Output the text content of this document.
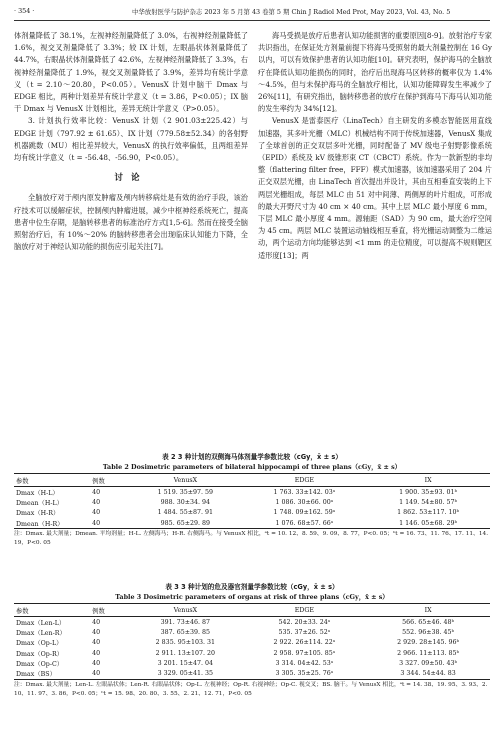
· 354 ·	中华放射医学与防护杂志 2023 年 5 月第 43 卷第 5 期 Chin J Radiol Med Prot, May 2023, Vol. 43, No. 5

体剂量降低了 38.1%，左视神经剂量降低了 3.0%，右视神经剂量降低了 1.6%，视交叉剂量降低了 3.3%；较 IX 计划，左眼晶状体剂量降低了 44.7%，右眼晶状体剂量降低了 42.6%，左视神经剂量降低了 3.3%，右视神经剂量降低了 1.9%，视交叉剂量降低了 3.9%，差异均有统计学意义（t = 2.10～20.80，P<0.05）。VenusX 计划中脑干 Dmax 与 EDGE 相比，两种计划差异有统计学意义（t = 3.86，P<0.05）；IX 脑干 Dmax 与 VenusX 计划相比，差异无统计学意义（P>0.05）。

3. 计划执行效率比较：VenusX 计划（2 901.03±225.42）与 EDGE 计划（797.92 ± 61.65）、IX 计划（779.58±52.34）的各射野机器跳数（MU）相比差异较大，VenusX 的执行效率偏低，且两组差异均有统计学意义（t = -56.48、-56.90，P<0.05）。

讨论

全脑放疗对于颅内原发肿瘤及颅内转移病灶是有效的治疗手段，该治疗技术可以缓解症状，控制颅内肿瘤进展，减少中枢神经系统死亡，提高患者中位生存期，是脑转移患者的标准治疗方式[1,5-6]。然而在接受全脑照射治疗后，有 10%～20% 的脑转移患者会出现临床认知能力下降，全脑放疗对于神经认知功能的损伤应引起关注[7]。

海马受损是放疗后患者认知功能损害的重要原因[8-9]。放射治疗专家共识指出，在保证处方剂量前提下将海马受照射的最大剂量控制在 16 Gy 以内，可以有效保护患者的认知功能[10]。研究表明，保护海马的全脑放疗在降低认知功能损伤的同时，治疗后出现海马区转移的概率仅为 1.4%～4.5%，但与未保护海马的全脑放疗相比，认知功能障碍发生率减少了 26%[11]，有研究指出，脑转移患者的放疗在保护到海马下海马认知功能的发生率约为 34%[12]。

VenusX 是雷泰医疗（LinaTech）自主研发的多模态智能医用直线加速器，其多叶光栅（MLC）机械结构不同于传统加速器，VenusX 集成了全球首创的正交双层多叶光栅，同时配备了 MV 级电子射野影像系统（EPID）系统及 kV 级锥形束 CT（CBCT）系统。作为一款新型的非均整（flattering filter free，FFF）模式加速器，该加速器采用了 204 片正交双层光栅，由 LinaTech 首次提出并设计，其由互相垂直安装的上下两层光栅组成，每层 MLC 由 51 对中间薄、两侧厚的叶片组成，可形成的最大开野尺寸为 40 cm × 40 cm。其中上层 MLC 最小厚度 6 mm，下层 MLC 最小厚度 4 mm。源轴距（SAD）为 90 cm，最大治疗空间为 45 cm。两层 MLC 装置运动轴线相互垂直，将光栅运动调整为二维运动，两个运动方向均能够达到 <1 mm 的走位精度，可以提高不规则靶区适形度[13]；两

表 2 3 种计划的双侧海马体剂量学参数比较（cGy，x̄ ± s）
Table 2 Dosimetric parameters of bilateral hippocampi of three plans（cGy，x̄ ± s）
参数	例数	VenusX	EDGE	IX
Dmax（H-L）	40	1 519. 35±97. 59	1 763. 33±142. 03ᵃ	1 900. 35±93. 01ᵇ
Dmean（H-L）	40	988. 30±34. 94	1 086. 30±66. 00ᵃ	1 149. 54±80. 57ᵇ
Dmax（H-R）	40	1 484. 55±87. 91	1 748. 09±162. 59ᵃ	1 862. 53±117. 10ᵇ
Dmean（H-R）	40	985. 65±29. 89	1 076. 68±57. 66ᵃ	1 146. 05±68. 29ᵇ
注：Dmax. 最大剂量；Dmean. 平均剂量；H-L. 左侧海马；H-R. 右侧海马。与 VenusX 相比，ᵃt = 10. 12、8. 59、9. 09、8. 77，P<0. 05；ᵇt = 16. 73、11. 76、17. 11、14. 19，P<0. 05
表 3 3 种计划的危及器官剂量学参数比较（cGy，x̄ ± s）
Table 3 Dosimetric parameters of organs at risk of three plans（cGy，x̄ ± s）
参数	例数	VenusX	EDGE	IX
Dmax（Len-L）	40	391. 73±46. 87	542. 20±33. 24ᵃ	566. 65±46. 48ᵇ
Dmax（Len-R）	40	387. 65±39. 85	535. 37±26. 52ᵃ	552. 96±38. 45ᵇ
Dmax（Op-L）	40	2 835. 95±103. 31	2 922. 26±114. 22ᵃ	2 929. 28±145. 96ᵇ
Dmax（Op-R）	40	2 911. 13±107. 20	2 958. 97±105. 85ᵃ	2 966. 11±113. 85ᵇ
Dmax（Op-C）	40	3 201. 15±47. 04	3 314. 04±42. 53ᵃ	3 327. 09±50. 43ᵇ
Dmax（BS）	40	3 329. 05±41. 35	3 305. 35±25. 76ᵃ	3 344. 54±44. 83
注：Dmax. 最大剂量；Len-L. 左眼晶状体；Len-R. 右眼晶状体；Op-L. 左视神经；Op-R. 右视神经；Op-C. 视交叉；BS. 脑干。与 VenusX 相比，ᵃt = 14. 38、19. 95、3. 93、2. 10、11. 97、3. 86，P<0. 05；ᵇt = 15. 98、20. 80、3. 55、2. 21、12. 71，P<0. 05
